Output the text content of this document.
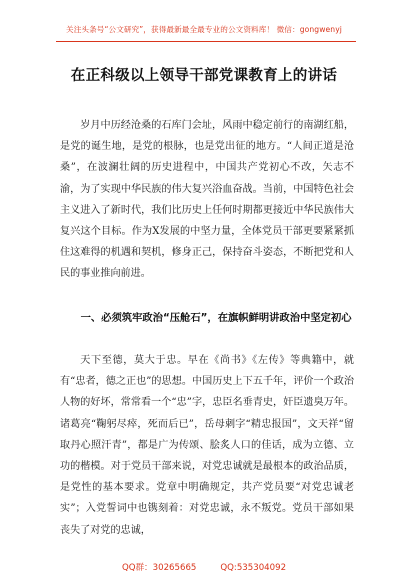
关注头条号“公文研究”，获得最新最全最专业的公文资料库！ 微信：gongwenyj
在正科级以上领导干部党课教育上的讲话

岁月中历经沧桑的石库门会址，风雨中稳定前行的南湖红船，是党的诞生地，是党的根脉，也是党出征的地方。“人间正道是沧桑”，在波澜壮阔的历史进程中，中国共产党初心不改，矢志不渝，为了实现中华民族的伟大复兴浴血奋战。当前，中国特色社会主义进入了新时代，我们比历史上任何时期都更接近中华民族伟大复兴这个目标。作为X发展的中坚力量，全体党员干部更要紧紧抓住这难得的机遇和契机，修身正己，保持奋斗姿态，不断把党和人民的事业推向前进。

一、必须筑牢政治“压舱石”，在旗帜鲜明讲政治中坚定初心

天下至德，莫大于忠。早在《尚书》《左传》等典籍中，就有“忠者，德之正也”的思想。中国历史上下五千年，评价一个政治人物的好坏，常常看一个“忠”字，忠臣名垂青史，奸臣遗臭万年。诸葛亮“鞠躬尽瘁，死而后已”，岳母刺字“精忠报国”，文天祥“留取丹心照汗青”，都是广为传颂、脍炙人口的佳话，成为立德、立功的楷模。对于党员干部来说，对党忠诚就是最根本的政治品质，是党性的基本要求。党章中明确规定，共产党员要“对党忠诚老实”；入党誓词中也镌刻着：对党忠诚，永不叛党。党员干部如果丧失了对党的忠诚，

QQ群：30265665	QQ:535304092
